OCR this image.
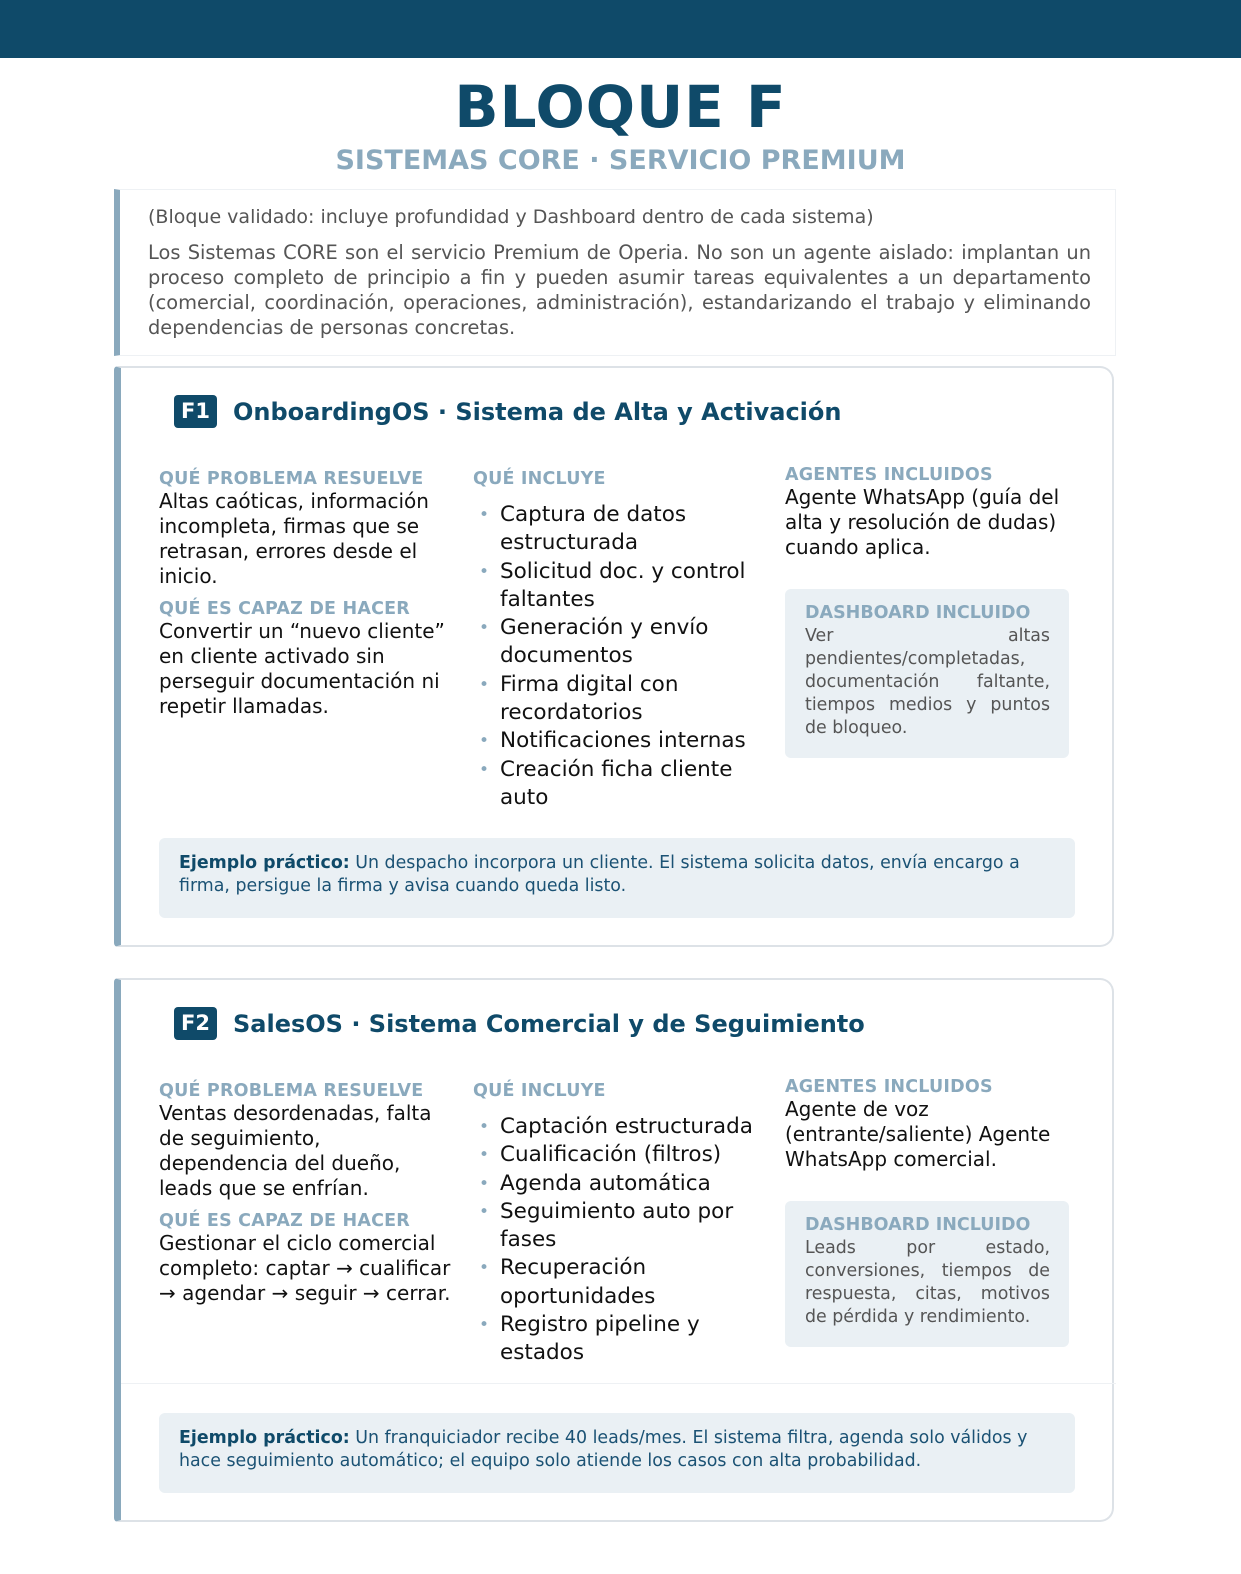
BLOQUE F
SISTEMAS CORE · SERVICIO PREMIUM

(Bloque validado: incluye profundidad y Dashboard dentro de cada sistema)

Los Sistemas CORE son el servicio Premium de Operia. No son un agente aislado: implantan un proceso completo de principio a fin y pueden asumir tareas equivalentes a un departamento (comercial, coordinación, operaciones, administración), estandarizando el trabajo y eliminando dependencias de personas concretas.

F1 OnboardingOS · Sistema de Alta y Activación
QUÉ PROBLEMA RESUELVE
Altas caóticas, información incompleta, firmas que se retrasan, errores desde el inicio.
QUÉ ES CAPAZ DE HACER
Convertir un “nuevo cliente” en cliente activado sin perseguir documentación ni repetir llamadas.
QUÉ INCLUYE
• Captura de datos estructurada
• Solicitud doc. y control faltantes
• Generación y envío documentos
• Firma digital con recordatorios
• Notificaciones internas
• Creación ficha cliente auto
AGENTES INCLUIDOS
Agente WhatsApp (guía del alta y resolución de dudas) cuando aplica.
DASHBOARD INCLUIDO
Ver altas pendientes/completadas, documentación faltante, tiempos medios y puntos de bloqueo.
Ejemplo práctico: Un despacho incorpora un cliente. El sistema solicita datos, envía encargo a firma, persigue la firma y avisa cuando queda listo.
F2 SalesOS · Sistema Comercial y de Seguimiento
QUÉ PROBLEMA RESUELVE
Ventas desordenadas, falta de seguimiento, dependencia del dueño, leads que se enfrían.
QUÉ ES CAPAZ DE HACER
Gestionar el ciclo comercial completo: captar → cualificar → agendar → seguir → cerrar.
QUÉ INCLUYE
• Captación estructurada
• Cualificación (filtros)
• Agenda automática
• Seguimiento auto por fases
• Recuperación oportunidades
• Registro pipeline y estados
AGENTES INCLUIDOS
Agente de voz (entrante/saliente) Agente WhatsApp comercial.
DASHBOARD INCLUIDO
Leads por estado, conversiones, tiempos de respuesta, citas, motivos de pérdida y rendimiento.
Ejemplo práctico: Un franquiciador recibe 40 leads/mes. El sistema filtra, agenda solo válidos y hace seguimiento automático; el equipo solo atiende los casos con alta probabilidad.
